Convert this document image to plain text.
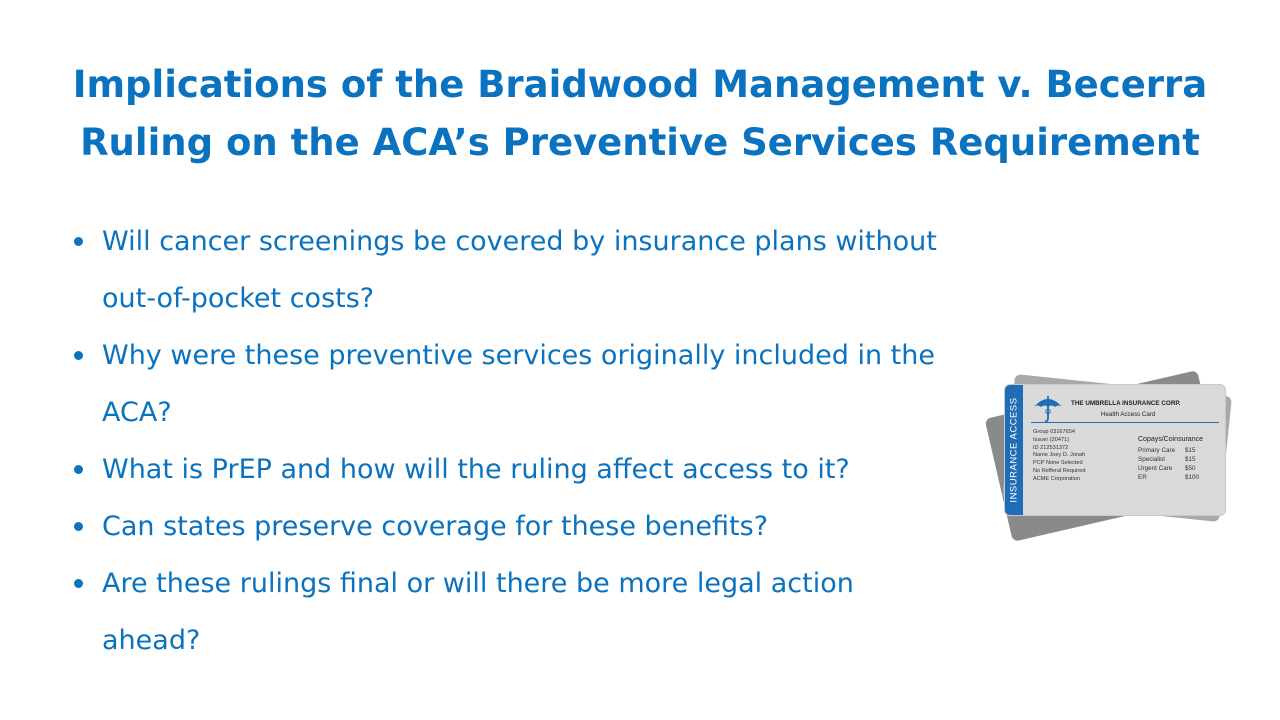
Implications of the Braidwood Management v. Becerra
Ruling on the ACA’s Preventive Services Requirement
Will cancer screenings be covered by insurance plans without
out-of-pocket costs?
Why were these preventive services originally included in the
ACA?
What is PrEP and how will the ruling affect access to it?
Can states preserve coverage for these benefits?
Are these rulings final or will there be more legal action
ahead?
INSURANCE ACCESS	THE UMBRELLA INSURANCE CORP.
Health Access Card
Group 03167654
Issuer (20471)
ID 212531372
Name Joey D. Jonah
PCP None Selected
No Refferal Required
ACME Corporation
Copays/Coinsurance
Primary Care $15
Specialist	$15
Urgent Care $50
ER	$100
